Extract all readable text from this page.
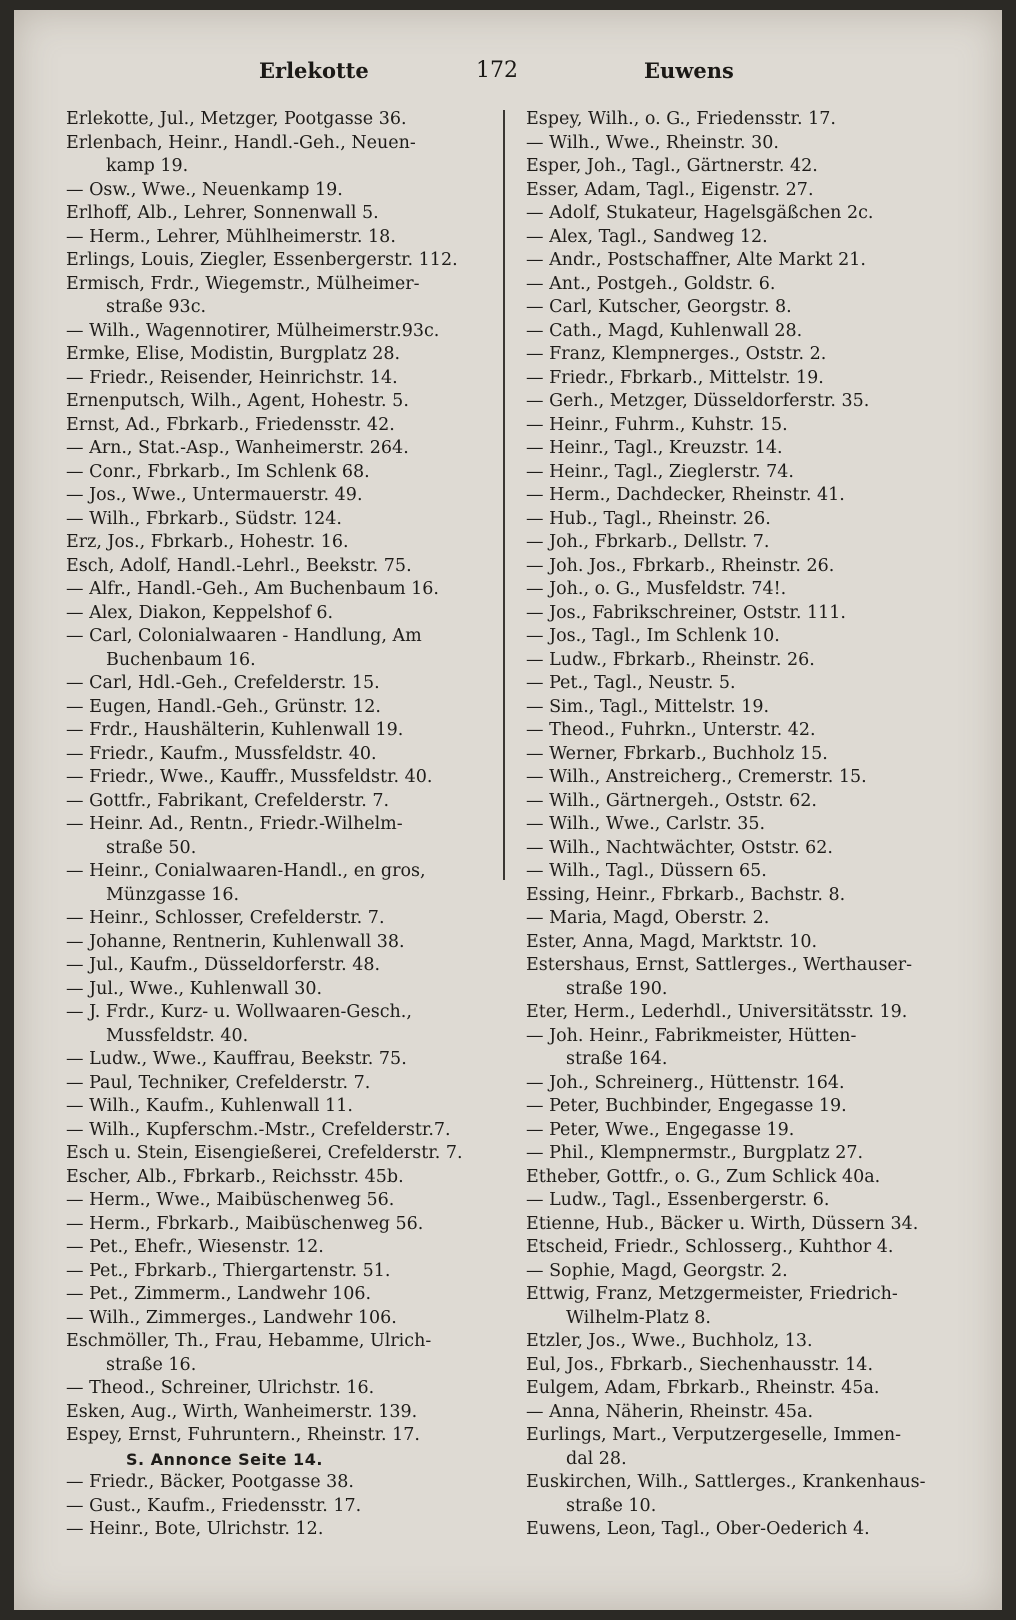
Erlekotte	172	Euwens
Erlekotte, Jul., Metzger, Pootgasse 36.
Erlenbach, Heinr., Handl.-Geh., Neuen-
kamp 19.
— Osw., Wwe., Neuenkamp 19.
Erlhoff, Alb., Lehrer, Sonnenwall 5.
— Herm., Lehrer, Mühlheimerstr. 18.
Erlings, Louis, Ziegler, Essenbergerstr. 112.
Ermisch, Frdr., Wiegemstr., Mülheimer-
straße 93c.
— Wilh., Wagennotirer, Mülheimerstr.93c.
Ermke, Elise, Modistin, Burgplatz 28.
— Friedr., Reisender, Heinrichstr. 14.
Ernenputsch, Wilh., Agent, Hohestr. 5.
Ernst, Ad., Fbrkarb., Friedensstr. 42.
— Arn., Stat.-Asp., Wanheimerstr. 264.
— Conr., Fbrkarb., Im Schlenk 68.
— Jos., Wwe., Untermauerstr. 49.
— Wilh., Fbrkarb., Südstr. 124.
Erz, Jos., Fbrkarb., Hohestr. 16.
Esch, Adolf, Handl.-Lehrl., Beekstr. 75.
— Alfr., Handl.-Geh., Am Buchenbaum 16.
— Alex, Diakon, Keppelshof 6.
— Carl, Colonialwaaren - Handlung, Am
Buchenbaum 16.
— Carl, Hdl.-Geh., Crefelderstr. 15.
— Eugen, Handl.-Geh., Grünstr. 12.
— Frdr., Haushälterin, Kuhlenwall 19.
— Friedr., Kaufm., Mussfeldstr. 40.
— Friedr., Wwe., Kauffr., Mussfeldstr. 40.
— Gottfr., Fabrikant, Crefelderstr. 7.
— Heinr. Ad., Rentn., Friedr.-Wilhelm-
straße 50.
— Heinr., Conialwaaren-Handl., en gros,
Münzgasse 16.
— Heinr., Schlosser, Crefelderstr. 7.
— Johanne, Rentnerin, Kuhlenwall 38.
— Jul., Kaufm., Düsseldorferstr. 48.
— Jul., Wwe., Kuhlenwall 30.
— J. Frdr., Kurz- u. Wollwaaren-Gesch.,
Mussfeldstr. 40.
— Ludw., Wwe., Kauffrau, Beekstr. 75.
— Paul, Techniker, Crefelderstr. 7.
— Wilh., Kaufm., Kuhlenwall 11.
— Wilh., Kupferschm.-Mstr., Crefelderstr.7.
Esch u. Stein, Eisengießerei, Crefelderstr. 7.
Escher, Alb., Fbrkarb., Reichsstr. 45b.
— Herm., Wwe., Maibüschenweg 56.
— Herm., Fbrkarb., Maibüschenweg 56.
— Pet., Ehefr., Wiesenstr. 12.
— Pet., Fbrkarb., Thiergartenstr. 51.
— Pet., Zimmerm., Landwehr 106.
— Wilh., Zimmerges., Landwehr 106.
Eschmöller, Th., Frau, Hebamme, Ulrich-
straße 16.
— Theod., Schreiner, Ulrichstr. 16.
Esken, Aug., Wirth, Wanheimerstr. 139.
Espey, Ernst, Fuhruntern., Rheinstr. 17.
S. Annonce Seite 14.
— Friedr., Bäcker, Pootgasse 38.
— Gust., Kaufm., Friedensstr. 17.
— Heinr., Bote, Ulrichstr. 12.
Espey, Wilh., o. G., Friedensstr. 17.
— Wilh., Wwe., Rheinstr. 30.
Esper, Joh., Tagl., Gärtnerstr. 42.
Esser, Adam, Tagl., Eigenstr. 27.
— Adolf, Stukateur, Hagelsgäßchen 2c.
— Alex, Tagl., Sandweg 12.
— Andr., Postschaffner, Alte Markt 21.
— Ant., Postgeh., Goldstr. 6.
— Carl, Kutscher, Georgstr. 8.
— Cath., Magd, Kuhlenwall 28.
— Franz, Klempnerges., Oststr. 2.
— Friedr., Fbrkarb., Mittelstr. 19.
— Gerh., Metzger, Düsseldorferstr. 35.
— Heinr., Fuhrm., Kuhstr. 15.
— Heinr., Tagl., Kreuzstr. 14.
— Heinr., Tagl., Zieglerstr. 74.
— Herm., Dachdecker, Rheinstr. 41.
— Hub., Tagl., Rheinstr. 26.
— Joh., Fbrkarb., Dellstr. 7.
— Joh. Jos., Fbrkarb., Rheinstr. 26.
— Joh., o. G., Musfeldstr. 74!.
— Jos., Fabrikschreiner, Oststr. 111.
— Jos., Tagl., Im Schlenk 10.
— Ludw., Fbrkarb., Rheinstr. 26.
— Pet., Tagl., Neustr. 5.
— Sim., Tagl., Mittelstr. 19.
— Theod., Fuhrkn., Unterstr. 42.
— Werner, Fbrkarb., Buchholz 15.
— Wilh., Anstreicherg., Cremerstr. 15.
— Wilh., Gärtnergeh., Oststr. 62.
— Wilh., Wwe., Carlstr. 35.
— Wilh., Nachtwächter, Oststr. 62.
— Wilh., Tagl., Düssern 65.
Essing, Heinr., Fbrkarb., Bachstr. 8.
— Maria, Magd, Oberstr. 2.
Ester, Anna, Magd, Marktstr. 10.
Estershaus, Ernst, Sattlerges., Werthauser-
straße 190.
Eter, Herm., Lederhdl., Universitätsstr. 19.
— Joh. Heinr., Fabrikmeister, Hütten-
straße 164.
— Joh., Schreinerg., Hüttenstr. 164.
— Peter, Buchbinder, Engegasse 19.
— Peter, Wwe., Engegasse 19.
— Phil., Klempnermstr., Burgplatz 27.
Etheber, Gottfr., o. G., Zum Schlick 40a.
— Ludw., Tagl., Essenbergerstr. 6.
Etienne, Hub., Bäcker u. Wirth, Düssern 34.
Etscheid, Friedr., Schlosserg., Kuhthor 4.
— Sophie, Magd, Georgstr. 2.
Ettwig, Franz, Metzgermeister, Friedrich-
Wilhelm-Platz 8.
Etzler, Jos., Wwe., Buchholz, 13.
Eul, Jos., Fbrkarb., Siechenhausstr. 14.
Eulgem, Adam, Fbrkarb., Rheinstr. 45a.
— Anna, Näherin, Rheinstr. 45a.
Eurlings, Mart., Verputzergeselle, Immen-
dal 28.
Euskirchen, Wilh., Sattlerges., Krankenhaus-
straße 10.
Euwens, Leon, Tagl., Ober-Oederich 4.
